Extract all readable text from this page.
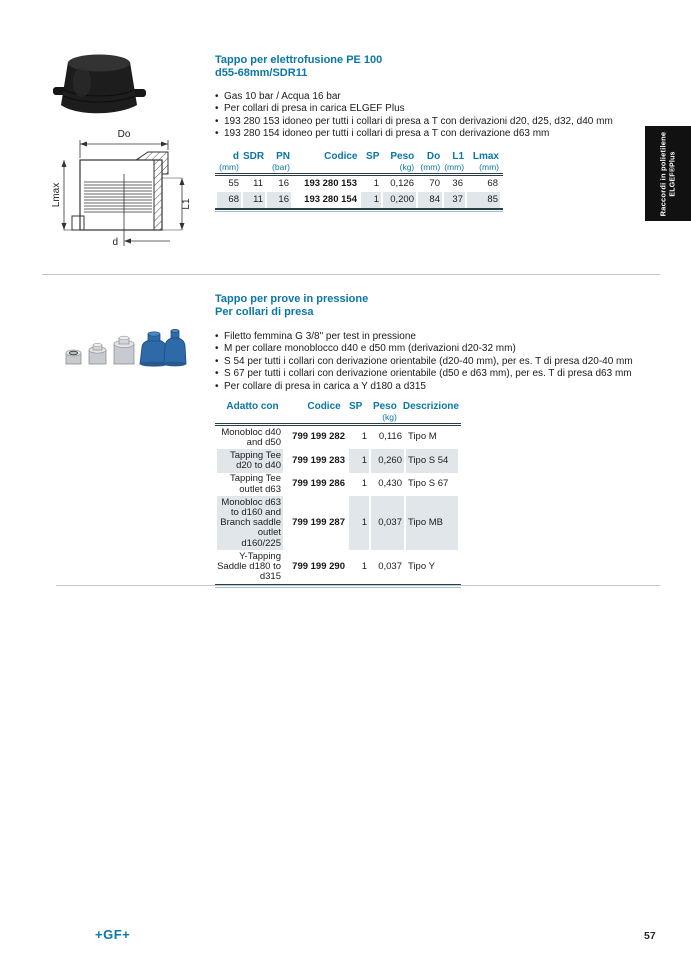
Tappo per elettrofusione PE 100
d55-68mm/SDR11
• Gas 10 bar / Acqua 16 bar
• Per collari di presa in carica ELGEF Plus
• 193 280 153 idoneo per tutti i collari di presa a T con derivazioni d20, d25, d32, d40 mm
• 193 280 154 idoneo per tutti i collari di presa a T con derivazione d63 mm
Do
Lmax	L1
d
d	SDR	PN	Codice	SP	Peso	Do	L1	Lmax
(mm)		(bar)			(kg)	(mm)	(mm)	(mm)
55	11	16	193 280 153	1	0,126	70	36	68
68	11	16	193 280 154	1	0,200	84	37	85	Raccordi in polietilene ELGEF®Plus
Tappo per prove in pressione
Per collari di presa
• Filetto femmina G 3/8" per test in pressione
• M per collare monoblocco d40 e d50 mm (derivazioni d20-32 mm)
• S 54 per tutti i collari con derivazione orientabile (d20-40 mm), per es. T di presa d20-40 mm
• S 67 per tutti i collari con derivazione orientabile (d50 e d63 mm), per es. T di presa d63 mm
• Per collare di presa in carica a Y d180 a d315
Adatto con	Codice	SP	Peso	Descrizione
			(kg)	
Monobloc d40 and d50	799 199 282	1	0,116	Tipo M
Tapping Tee d20 to d40	799 199 283	1	0,260	Tipo S 54
Tapping Tee outlet d63	799 199 286	1	0,430	Tipo S 67
Monobloc d63 to d160 and Branch saddle outlet d160/225	799 199 287	1	0,037	Tipo MB
Y-Tapping Saddle d180 to d315	799 199 290	1	0,037	Tipo Y
+GF+	57
